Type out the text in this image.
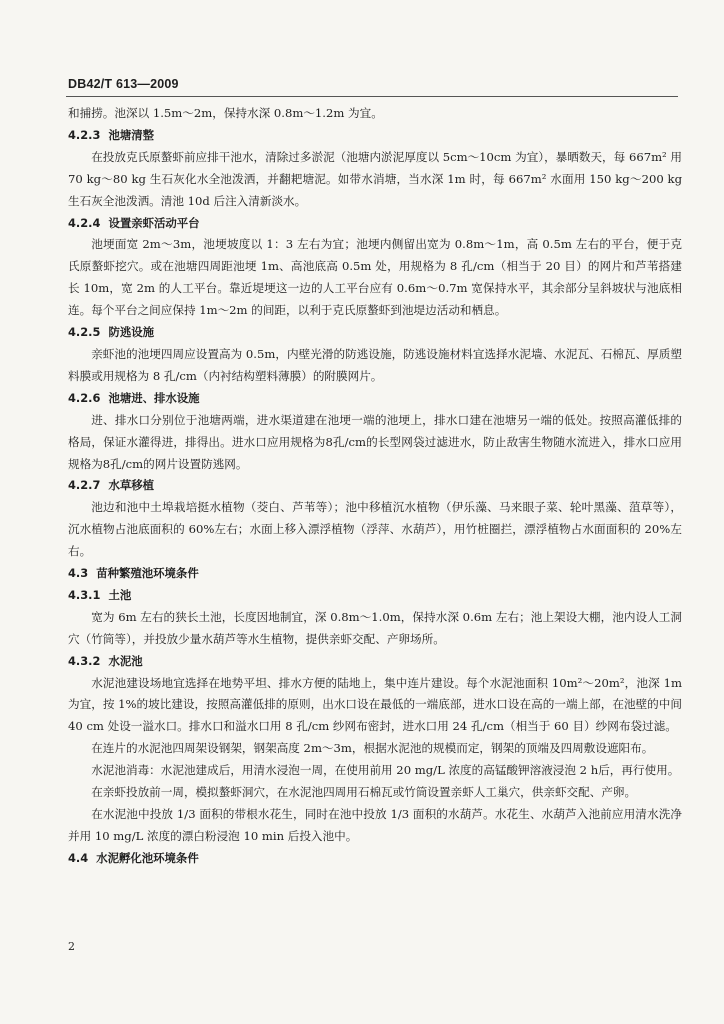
DB42/T 613—2009

和捕捞。池深以 1.5m～2m，保持水深 0.8m～1.2m 为宜。

4.2.3 池塘清整

在投放克氏原螯虾前应排干池水，清除过多淤泥（池塘内淤泥厚度以 5cm～10cm 为宜），暴晒数天，每 667m² 用 70 kg～80 kg 生石灰化水全池泼洒，并翻耙塘泥。如带水消塘，当水深 1m 时，每 667m² 水面用 150 kg～200 kg 生石灰全池泼洒。清池 10d 后注入清新淡水。

4.2.4 设置亲虾活动平台

池埂面宽 2m～3m，池埂坡度以 1：3 左右为宜；池埂内侧留出宽为 0.8m～1m，高 0.5m 左右的平台，便于克氏原螯虾挖穴。或在池塘四周距池埂 1m、高池底高 0.5m 处，用规格为 8 孔/cm（相当于 20 目）的网片和芦苇搭建长 10m，宽 2m 的人工平台。靠近堤埂这一边的人工平台应有 0.6m～0.7m 宽保持水平，其余部分呈斜坡状与池底相连。每个平台之间应保持 1m～2m 的间距，以利于克氏原螯虾到池堤边活动和栖息。

4.2.5 防逃设施

亲虾池的池埂四周应设置高为 0.5m，内壁光滑的防逃设施，防逃设施材料宜选择水泥墙、水泥瓦、石棉瓦、厚质塑料膜或用规格为 8 孔/cm（内衬结构塑料薄膜）的附膜网片。

4.2.6 池塘进、排水设施

进、排水口分别位于池塘两端，进水渠道建在池埂一端的池埂上，排水口建在池塘另一端的低处。按照高灌低排的格局，保证水灌得进，排得出。进水口应用规格为8孔/cm的长型网袋过滤进水，防止敌害生物随水流进入，排水口应用规格为8孔/cm的网片设置防逃网。

4.2.7 水草移植

池边和池中土埠栽培挺水植物（茭白、芦苇等）；池中移植沉水植物（伊乐藻、马来眼子菜、轮叶黑藻、菹草等），沉水植物占池底面积的 60%左右；水面上移入漂浮植物（浮萍、水葫芦），用竹桩圈拦，漂浮植物占水面面积的 20%左右。

4.3 苗种繁殖池环境条件

4.3.1 土池

宽为 6m 左右的狭长土池，长度因地制宜，深 0.8m～1.0m，保持水深 0.6m 左右；池上架设大棚，池内设人工洞穴（竹筒等），并投放少量水葫芦等水生植物，提供亲虾交配、产卵场所。

4.3.2 水泥池

水泥池建设场地宜选择在地势平坦、排水方便的陆地上，集中连片建设。每个水泥池面积 10m²～20m²，池深 1m 为宜，按 1%的坡比建设，按照高灌低排的原则，出水口设在最低的一端底部，进水口设在高的一端上部，在池壁的中间 40 cm 处设一溢水口。排水口和溢水口用 8 孔/cm 纱网布密封，进水口用 24 孔/cm（相当于 60 目）纱网布袋过滤。

在连片的水泥池四周架设钢架，钢架高度 2m～3m，根据水泥池的规模而定，钢架的顶端及四周敷设遮阳布。

水泥池消毒：水泥池建成后，用清水浸泡一周，在使用前用 20 mg/L 浓度的高锰酸钾溶液浸泡 2 h后，再行使用。

在亲虾投放前一周，模拟螯虾洞穴，在水泥池四周用石棉瓦或竹筒设置亲虾人工巢穴，供亲虾交配、产卵。

在水泥池中投放 1/3 面积的带根水花生，同时在池中投放 1/3 面积的水葫芦。水花生、水葫芦入池前应用清水洗净并用 10 mg/L 浓度的漂白粉浸泡 10 min 后投入池中。

4.4 水泥孵化池环境条件

2
